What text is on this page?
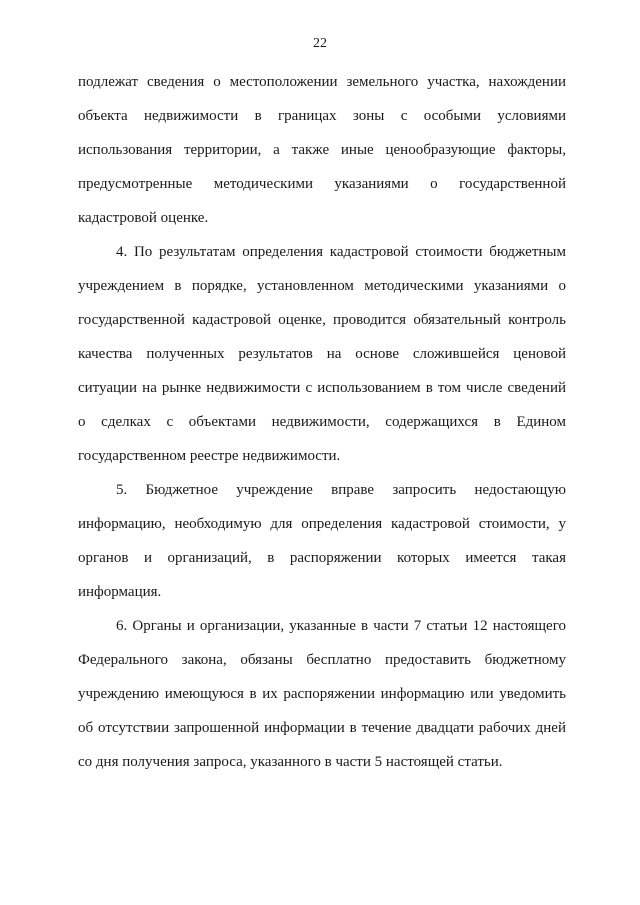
22
подлежат сведения о местоположении земельного участка, нахождении
объекта недвижимости в границах зоны с особыми условиями
использования территории, а также иные ценообразующие факторы,
предусмотренные методическими указаниями о государственной
кадастровой оценке.
4. По результатам определения кадастровой стоимости бюджетным
учреждением в порядке, установленном методическими указаниями о
государственной кадастровой оценке, проводится обязательный контроль
качества полученных результатов на основе сложившейся ценовой
ситуации на рынке недвижимости с использованием в том числе сведений
о сделках с объектами недвижимости, содержащихся в Едином
государственном реестре недвижимости.
5. Бюджетное учреждение вправе запросить недостающую
информацию, необходимую для определения кадастровой стоимости, у
органов и организаций, в распоряжении которых имеется такая
информация.
6. Органы и организации, указанные в части 7 статьи 12 настоящего
Федерального закона, обязаны бесплатно предоставить бюджетному
учреждению имеющуюся в их распоряжении информацию или уведомить
об отсутствии запрошенной информации в течение двадцати рабочих дней
со дня получения запроса, указанного в части 5 настоящей статьи.
